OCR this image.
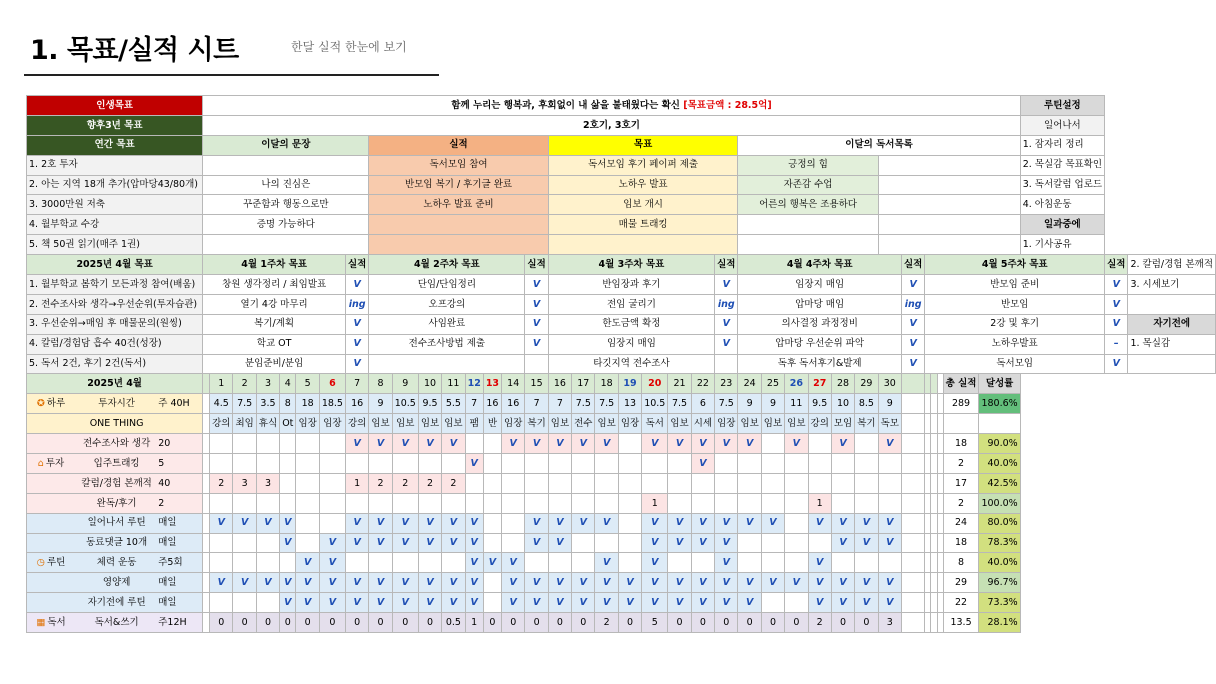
1. 목표/실적 시트	한달 실적 한눈에 보기
인생목표	함께 누리는 행복과, 후회없이 내 삶을 불태웠다는 확신 [목표금액 : 28.5억]																																					루틴설정		
향후3년 목표	2호기, 3호기																																					일어나서		
연간 목표	이달의 문장								실적								목표								이달의 독서목록													1. 잠자리 정리		
1. 2호 투자									독서모임 참여								독서모임 후기 페이퍼 제출								긍정의 힘													2. 목실감 목표확인		
2. 아는 지역 18개 추가(압마당43/80개)	나의 진심은								반모임 복기 / 후기글 완료								노하우 발표								자존감 수업													3. 독서칼럼 업로드		
3. 3000만원 저축	꾸준함과 행동으로만								노하우 발표 준비								임보 개시								어른의 행복은 조용하다													4. 아침운동		
4. 월부학교 수강	증명 가능하다																매물 트래킹																					일과중에		
5. 책 50권 읽기(매주 1권)																																						1. 기사공유		
2025년 4월 목표	4월 1주차 목표							실적	4월 2주차 목표							실적	4월 3주차 목표							실적	4월 4주차 목표							실적	4월 5주차 목표						실적	2. 칼럼/경험 본깨적
1. 월부학교 봄학기 모든과정 참여(배움)	창원 생각정리 / 최임발표							V	단임/단임정리							V	반임장과 후기							V	임장지 매임							V	반모임 준비						V	3. 시세보기
2. 전수조사와 생각→우선순위(투자습관)	열기 4강 마무리							ing	오프강의							V	전임 굴리기							ing	압마당 매임							ing	반모임						V	
3. 우선순위→매임 후 매물문의(원씽)	복기/계획							V	사임완료							V	한도금액 확정							V	의사결정 과정정비							V	2강 및 후기						V	자기전에
4. 칼럼/경험담 흡수 40건(성장)	학교 OT							V	전수조사방법 제출							V	임장지 매임							V	압마당 우선순위 파악							V	노하우발표						–	1. 목실감
5. 독서 2건, 후기 2건(독서)	분임준비/분임							V									타깃지역 전수조사								독후 독서후기&발제							V	독서모임						V	
2025년 4월		1	2	3	4	5	6	7	8	9	10	11	12	13	14	15	16	17	18	19	20	21	22	23	24	25	26	27	28	29	30					총 실적	달성률			

✪ 하루 투자시간 주 40H		4.5	7.5	3.5	8	18	18.5	16	9	10.5	9.5	5.5	7	16	16	7	7	7.5	7.5	13	10.5	7.5	6	7.5	9	9	11	9.5	10	8.5	9					289	180.6%			

ONE THING		강의	최임	휴식	Ot	임장	임장	강의	임보	임보	임보	임보	팸	반	임장	복기	임보	전수	임보	임장	독서	임보	시세	임장	임보	임보	임보	강의	모임	복기	독모									

전수조사와 생각 20								V	V	V	V	V			V	V	V	V	V		V	V	V	V	V		V		V		V					18	90.0%			

⌂ 투자 입주트래킹 5													V										V													2	40.0%			

칼럼/경험 본깨적 40		2	3	3				1	2	2	2	2																								17	42.5%			

완독/후기 2																					1							1								2	100.0%			

일어나서 루틴 매일		V	V	V	V			V	V	V	V	V	V			V	V	V	V		V	V	V	V	V	V		V	V	V	V					24	80.0%			

동료댓글 10개 매일					V		V	V	V	V	V	V	V			V	V				V	V	V	V					V	V	V					18	78.3%			

◷ 루틴 체력 운동 주5회						V	V						V	V	V				V		V			V				V								8	40.0%			

영양제 매일		V	V	V	V	V	V	V	V	V	V	V	V		V	V	V	V	V	V	V	V	V	V	V	V	V	V	V	V	V					29	96.7%			

자기전에 루틴 매일					V	V	V	V	V	V	V	V	V		V	V	V	V	V	V	V	V	V	V	V			V	V	V	V					22	73.3%			

▦ 독서 독서&쓰기 주12H		0	0	0	0	0	0	0	0	0	0	0.5	1	0	0	0	0	0	2	0	5	0	0	0	0	0	0	2	0	0	3					13.5	28.1%			
